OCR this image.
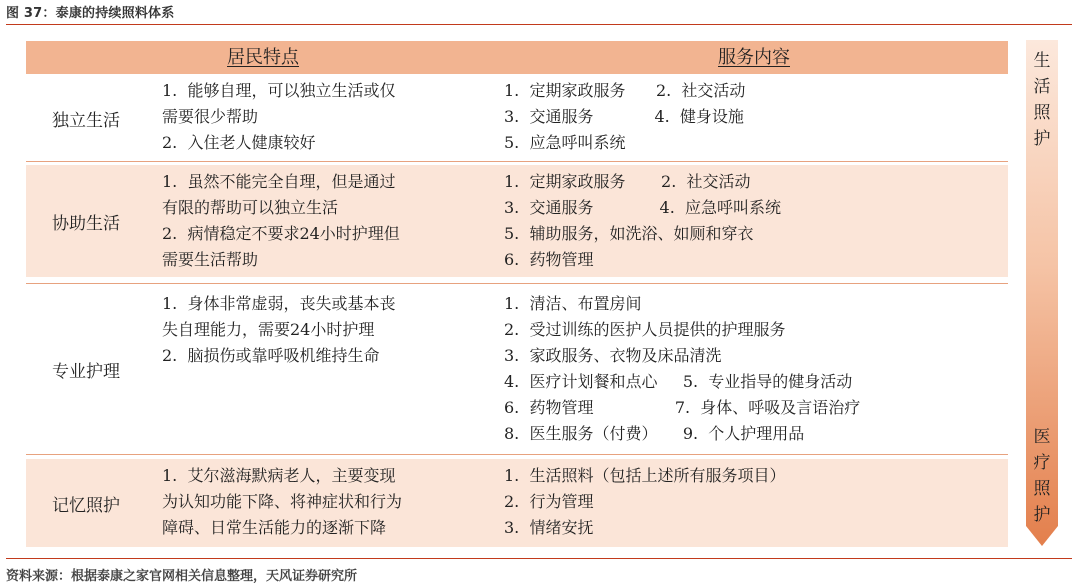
图 37：泰康的持续照料体系
居民特点	服务内容
独立生活
1.  能够自理，可以独立生活或仅
需要很少帮助
2.  入住老人健康较好
1.  定期家政服务      2.  社交活动
3.  交通服务            4.  健身设施
5.  应急呼叫系统
协助生活
1.  虽然不能完全自理，但是通过
有限的帮助可以独立生活
2.  病情稳定不要求24小时护理但
需要生活帮助
1.  定期家政服务       2.  社交活动
3.  交通服务             4.  应急呼叫系统
5.  辅助服务，如洗浴、如厕和穿衣
6.  药物管理
专业护理
1.  身体非常虚弱，丧失或基本丧
失自理能力，需要24小时护理
2.  脑损伤或靠呼吸机维持生命
1.  清洁、布置房间
2.  受过训练的医护人员提供的护理服务
3.  家政服务、衣物及床品清洗
4.  医疗计划餐和点心     5.  专业指导的健身活动
6.  药物管理                7.  身体、呼吸及言语治疗
8.  医生服务（付费）     9.  个人护理用品
记忆照护
1.  艾尔滋海默病老人，主要变现
为认知功能下降、将神症状和行为
障碍、日常生活能力的逐渐下降
1.  生活照料（包括上述所有服务项目）
2.  行为管理
3.  情绪安抚
生
活
照
护
医
疗
照
护
资料来源：根据泰康之家官网相关信息整理，天风证券研究所
